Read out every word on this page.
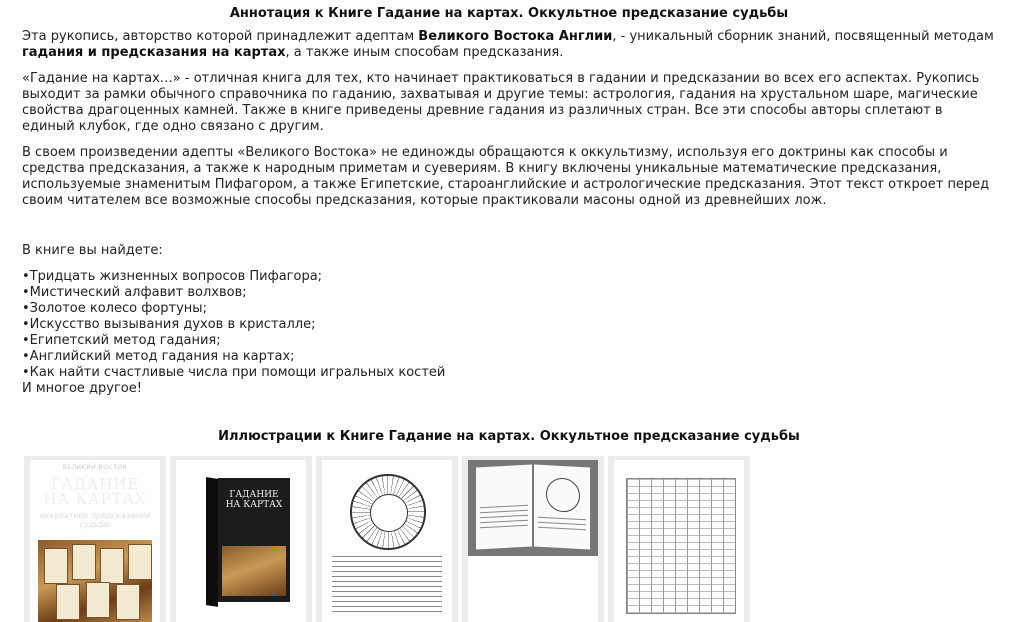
Аннотация к Книге Гадание на картах. Оккультное предсказание судьбы

Эта рукопись, авторство которой принадлежит адептам Великого Востока Англии, - уникальный сборник знаний, посвященный методам гадания и предсказания на картах, а также иным способам предсказания.

«Гадание на картах…» - отличная книга для тех, кто начинает практиковаться в гадании и предсказании во всех его аспектах. Рукопись выходит за рамки обычного справочника по гаданию, захватывая и другие темы: астрология, гадания на хрустальном шаре, магические свойства драгоценных камней. Также в книге приведены древние гадания из различных стран. Все эти способы авторы сплетают в единый клубок, где одно связано с другим.

В своем произведении адепты «Великого Востока» не единожды обращаются к оккультизму, используя его доктрины как способы и средства предсказания, а также к народным приметам и суевериям. В книгу включены уникальные математические предсказания, используемые знаменитым Пифагором, а также Египетские, староанглийские и астрологические предсказания. Этот текст откроет перед своим читателем все возможные способы предсказания, которые практиковали масоны одной из древнейших лож.

В книге вы найдете:

• Тридцать жизненных вопросов Пифагора;
• Мистический алфавит волхвов;
• Золотое колесо фортуны;
• Искусство вызывания духов в кристалле;
• Египетский метод гадания;
• Английский метод гадания на картах;
• Как найти счастливые числа при помощи игральных костей

И многое другое!

Иллюстрации к Книге Гадание на картах. Оккультное предсказание судьбы
ВЕЛИКИЙ ВОСТОК
ГАДАНИЕ
НА КАРТАХ
оккультное предсказание судьбы
ГАДАНИЕ
НА КАРТАХ
